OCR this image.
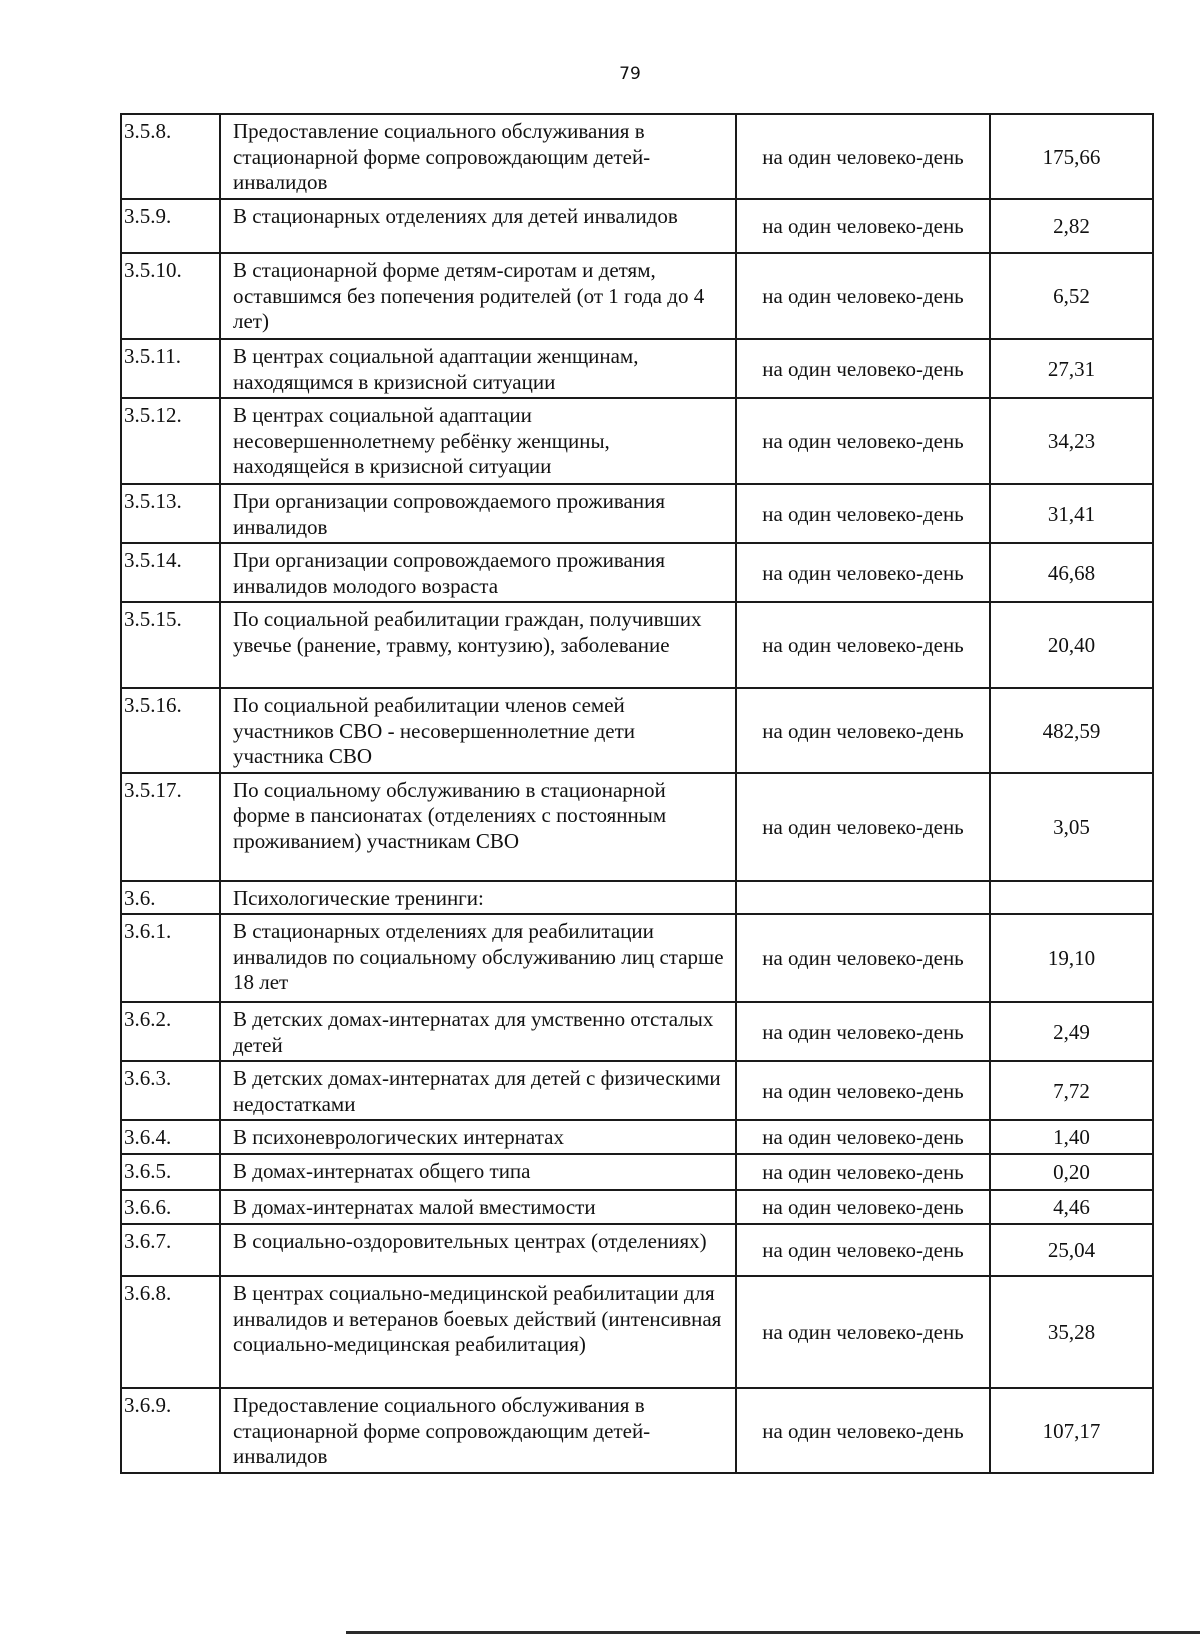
79
3.5.8.	Предоставление социального обслуживания в стационарной форме сопровождающим детей-инвалидов	на один человеко-день	175,66
3.5.9.	В стационарных отделениях для детей инвалидов	на один человеко-день	2,82
3.5.10.	В стационарной форме детям-сиротам и детям, оставшимся без попечения родителей (от 1 года до 4 лет)	на один человеко-день	6,52
3.5.11.	В центрах социальной адаптации женщинам, находящимся в кризисной ситуации	на один человеко-день	27,31
3.5.12.	В центрах социальной адаптации несовершеннолетнему ребёнку женщины, находящейся в кризисной ситуации	на один человеко-день	34,23
3.5.13.	При организации сопровождаемого проживания инвалидов	на один человеко-день	31,41
3.5.14.	При организации сопровождаемого проживания инвалидов молодого возраста	на один человеко-день	46,68
3.5.15.	По социальной реабилитации граждан, получивших увечье (ранение, травму, контузию), заболевание	на один человеко-день	20,40
3.5.16.	По социальной реабилитации членов семей участников СВО - несовершеннолетние дети участника СВО	на один человеко-день	482,59
3.5.17.	По социальному обслуживанию в стационарной форме в пансионатах (отделениях с постоянным проживанием) участникам СВО	на один человеко-день	3,05
3.6.	Психологические тренинги:		
3.6.1.	В стационарных отделениях для реабилитации инвалидов по социальному обслуживанию лиц старше 18 лет	на один человеко-день	19,10
3.6.2.	В детских домах-интернатах для умственно отсталых детей	на один человеко-день	2,49
3.6.3.	В детских домах-интернатах для детей с физическими недостатками	на один человеко-день	7,72
3.6.4.	В психоневрологических интернатах	на один человеко-день	1,40
3.6.5.	В домах-интернатах общего типа	на один человеко-день	0,20
3.6.6.	В домах-интернатах малой вместимости	на один человеко-день	4,46
3.6.7.	В социально-оздоровительных центрах (отделениях)	на один человеко-день	25,04
3.6.8.	В центрах социально-медицинской реабилитации для инвалидов и ветеранов боевых действий (интенсивная социально-медицинская реабилитация)	на один человеко-день	35,28
3.6.9.	Предоставление социального обслуживания в стационарной форме сопровождающим детей-инвалидов	на один человеко-день	107,17
